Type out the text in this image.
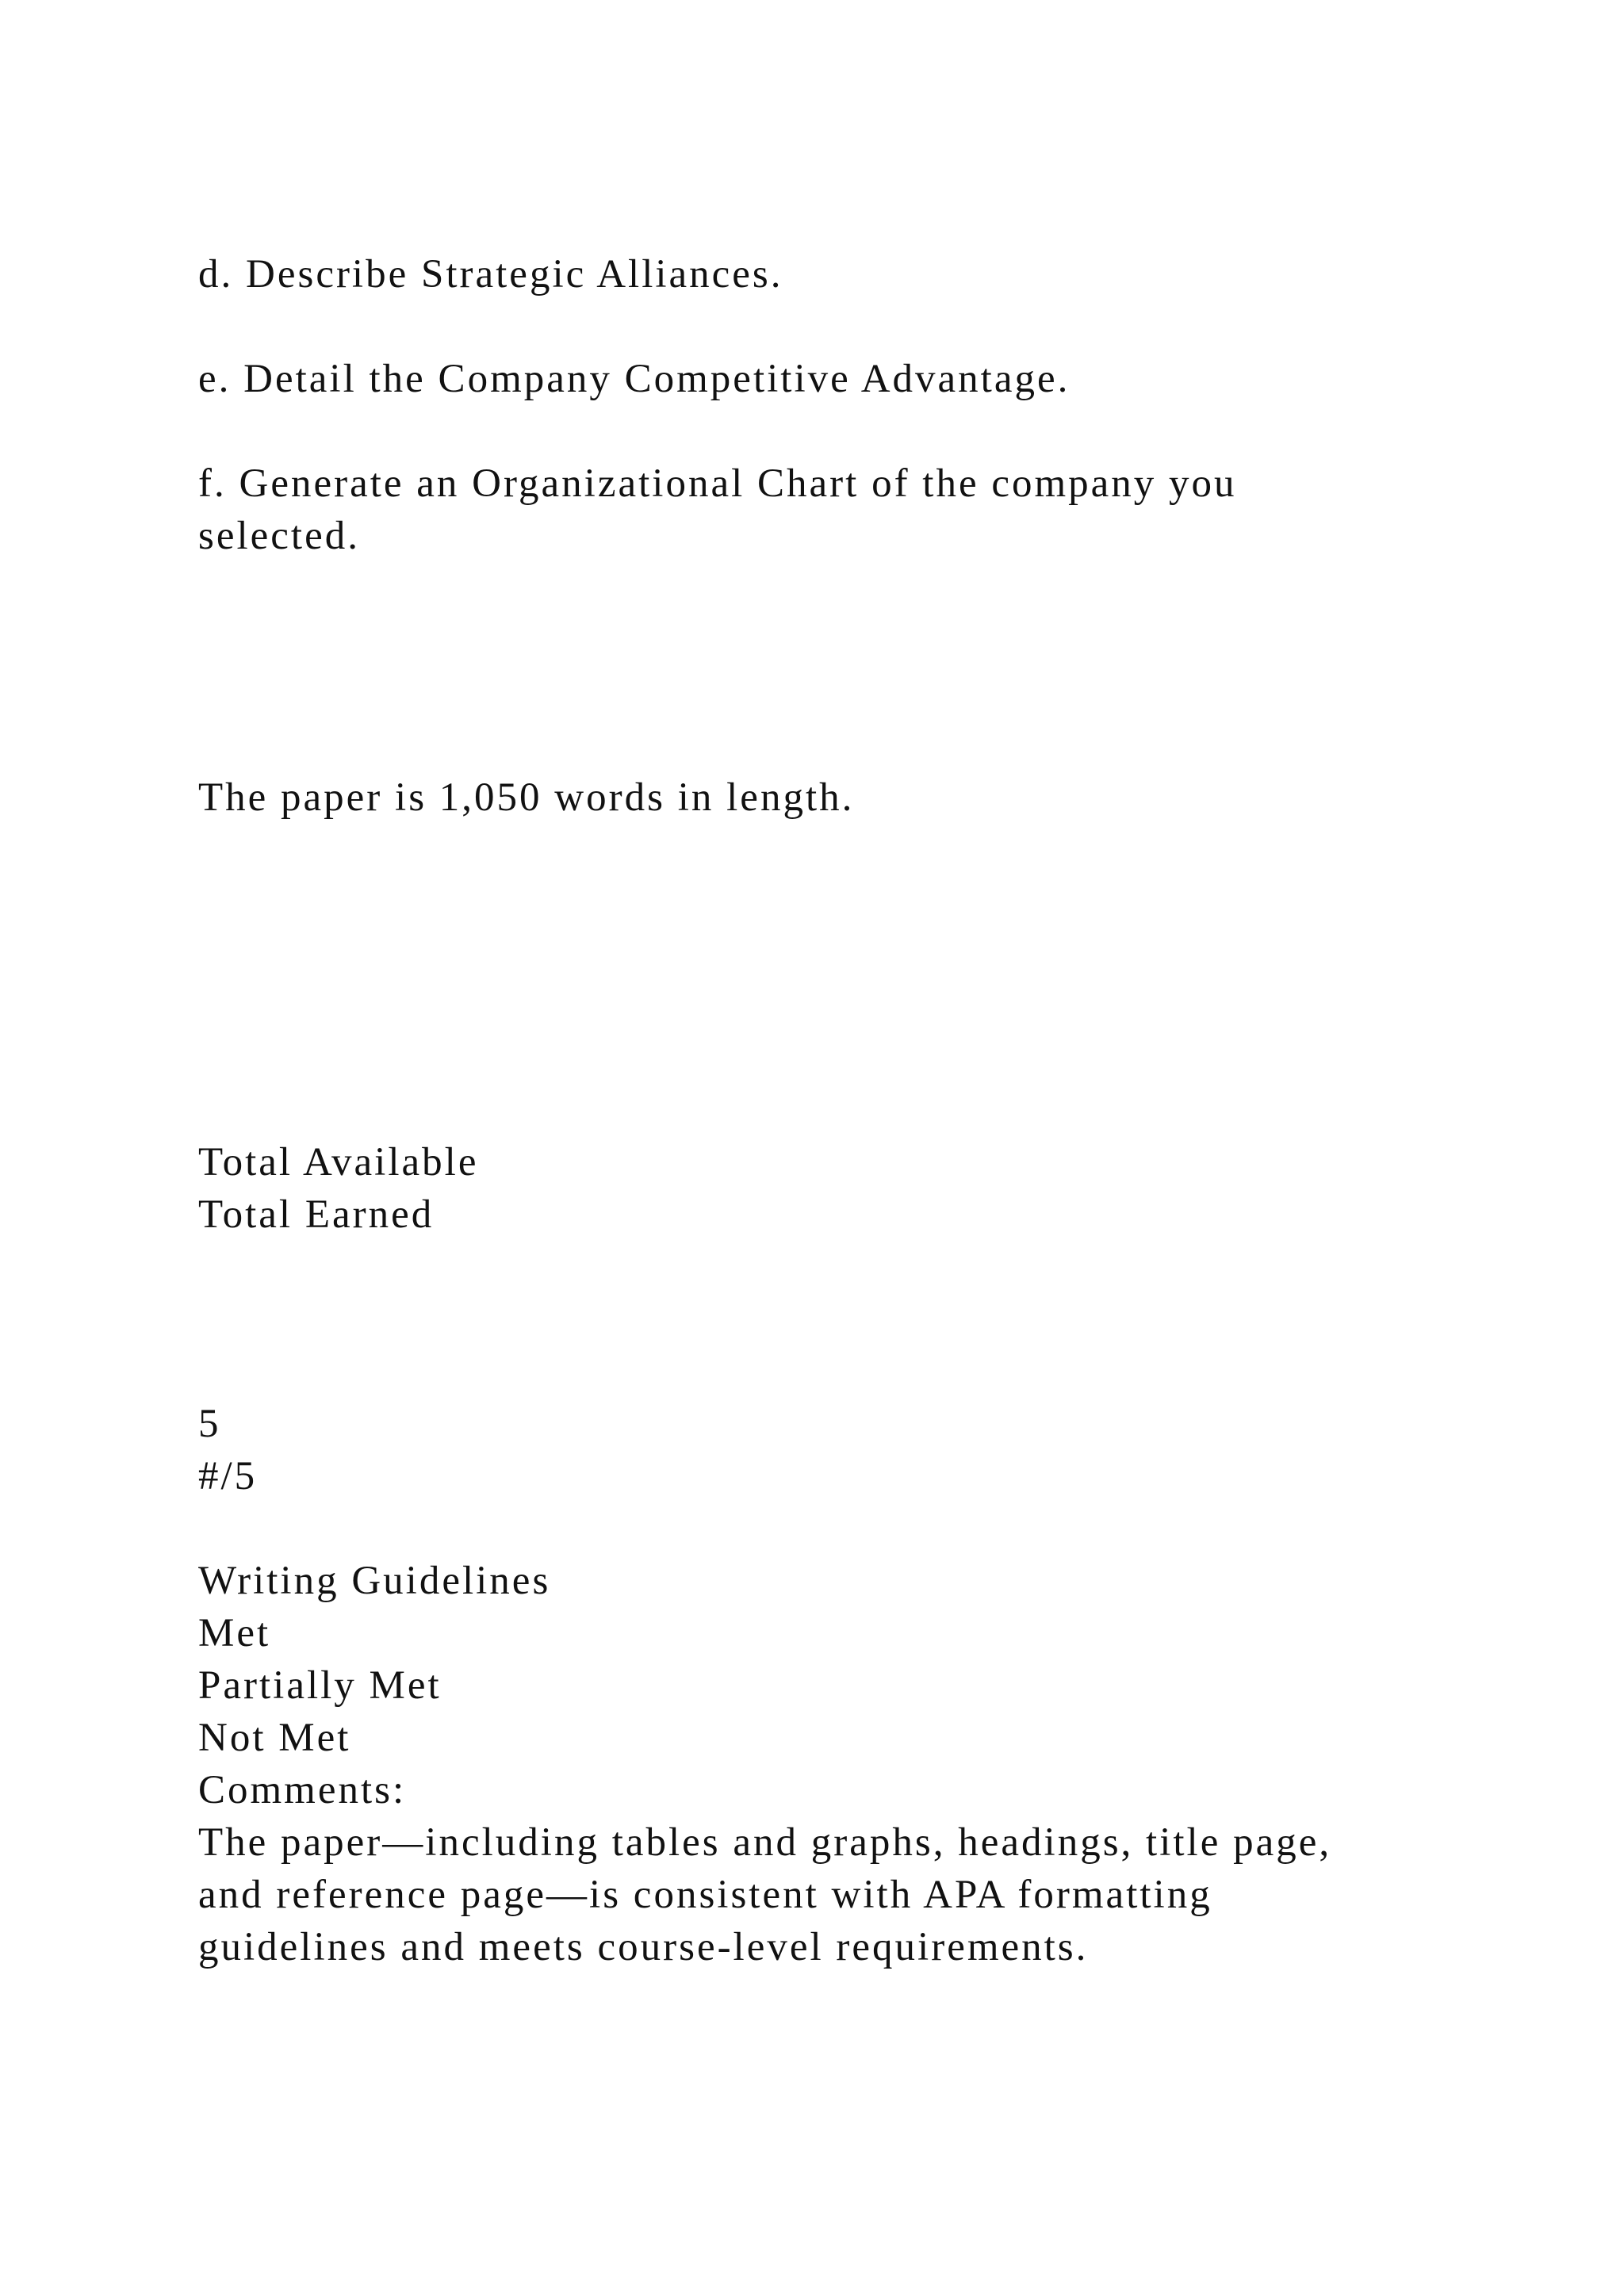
d. Describe Strategic Alliances.

e. Detail the Company Competitive Advantage.

f. Generate an Organizational Chart of the company you

selected.

The paper is 1,050 words in length.

Total Available

Total Earned

5

#/5

Writing Guidelines

Met

Partially Met

Not Met

Comments:

The paper—including tables and graphs, headings, title page,

and reference page—is consistent with APA formatting

guidelines and meets course-level requirements.
